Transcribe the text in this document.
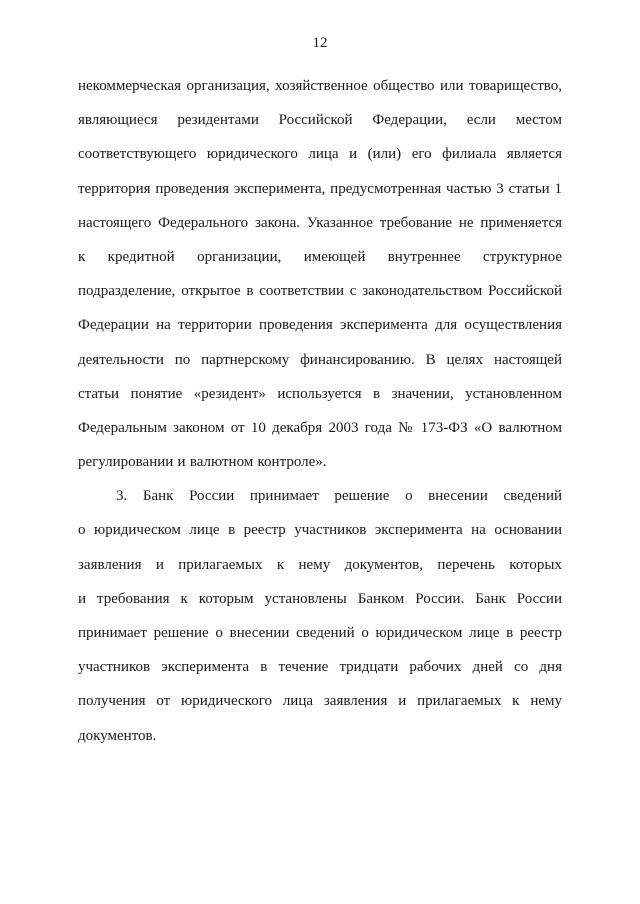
12
некоммерческая организация, хозяйственное общество или товарищество,
являющиеся резидентами Российской Федерации, если местом
соответствующего юридического лица и (или) его филиала является
территория проведения эксперимента, предусмотренная частью 3 статьи 1
настоящего Федерального закона. Указанное требование не применяется
к кредитной организации, имеющей внутреннее структурное
подразделение, открытое в соответствии с законодательством Российской
Федерации на территории проведения эксперимента для осуществления
деятельности по партнерскому финансированию. В целях настоящей
статьи понятие «резидент» используется в значении, установленном
Федеральным законом от 10 декабря 2003 года № 173-ФЗ «О валютном
регулировании и валютном контроле».
3. Банк России принимает решение о внесении сведений
о юридическом лице в реестр участников эксперимента на основании
заявления и прилагаемых к нему документов, перечень которых
и требования к которым установлены Банком России. Банк России
принимает решение о внесении сведений о юридическом лице в реестр
участников эксперимента в течение тридцати рабочих дней со дня
получения от юридического лица заявления и прилагаемых к нему
документов.
